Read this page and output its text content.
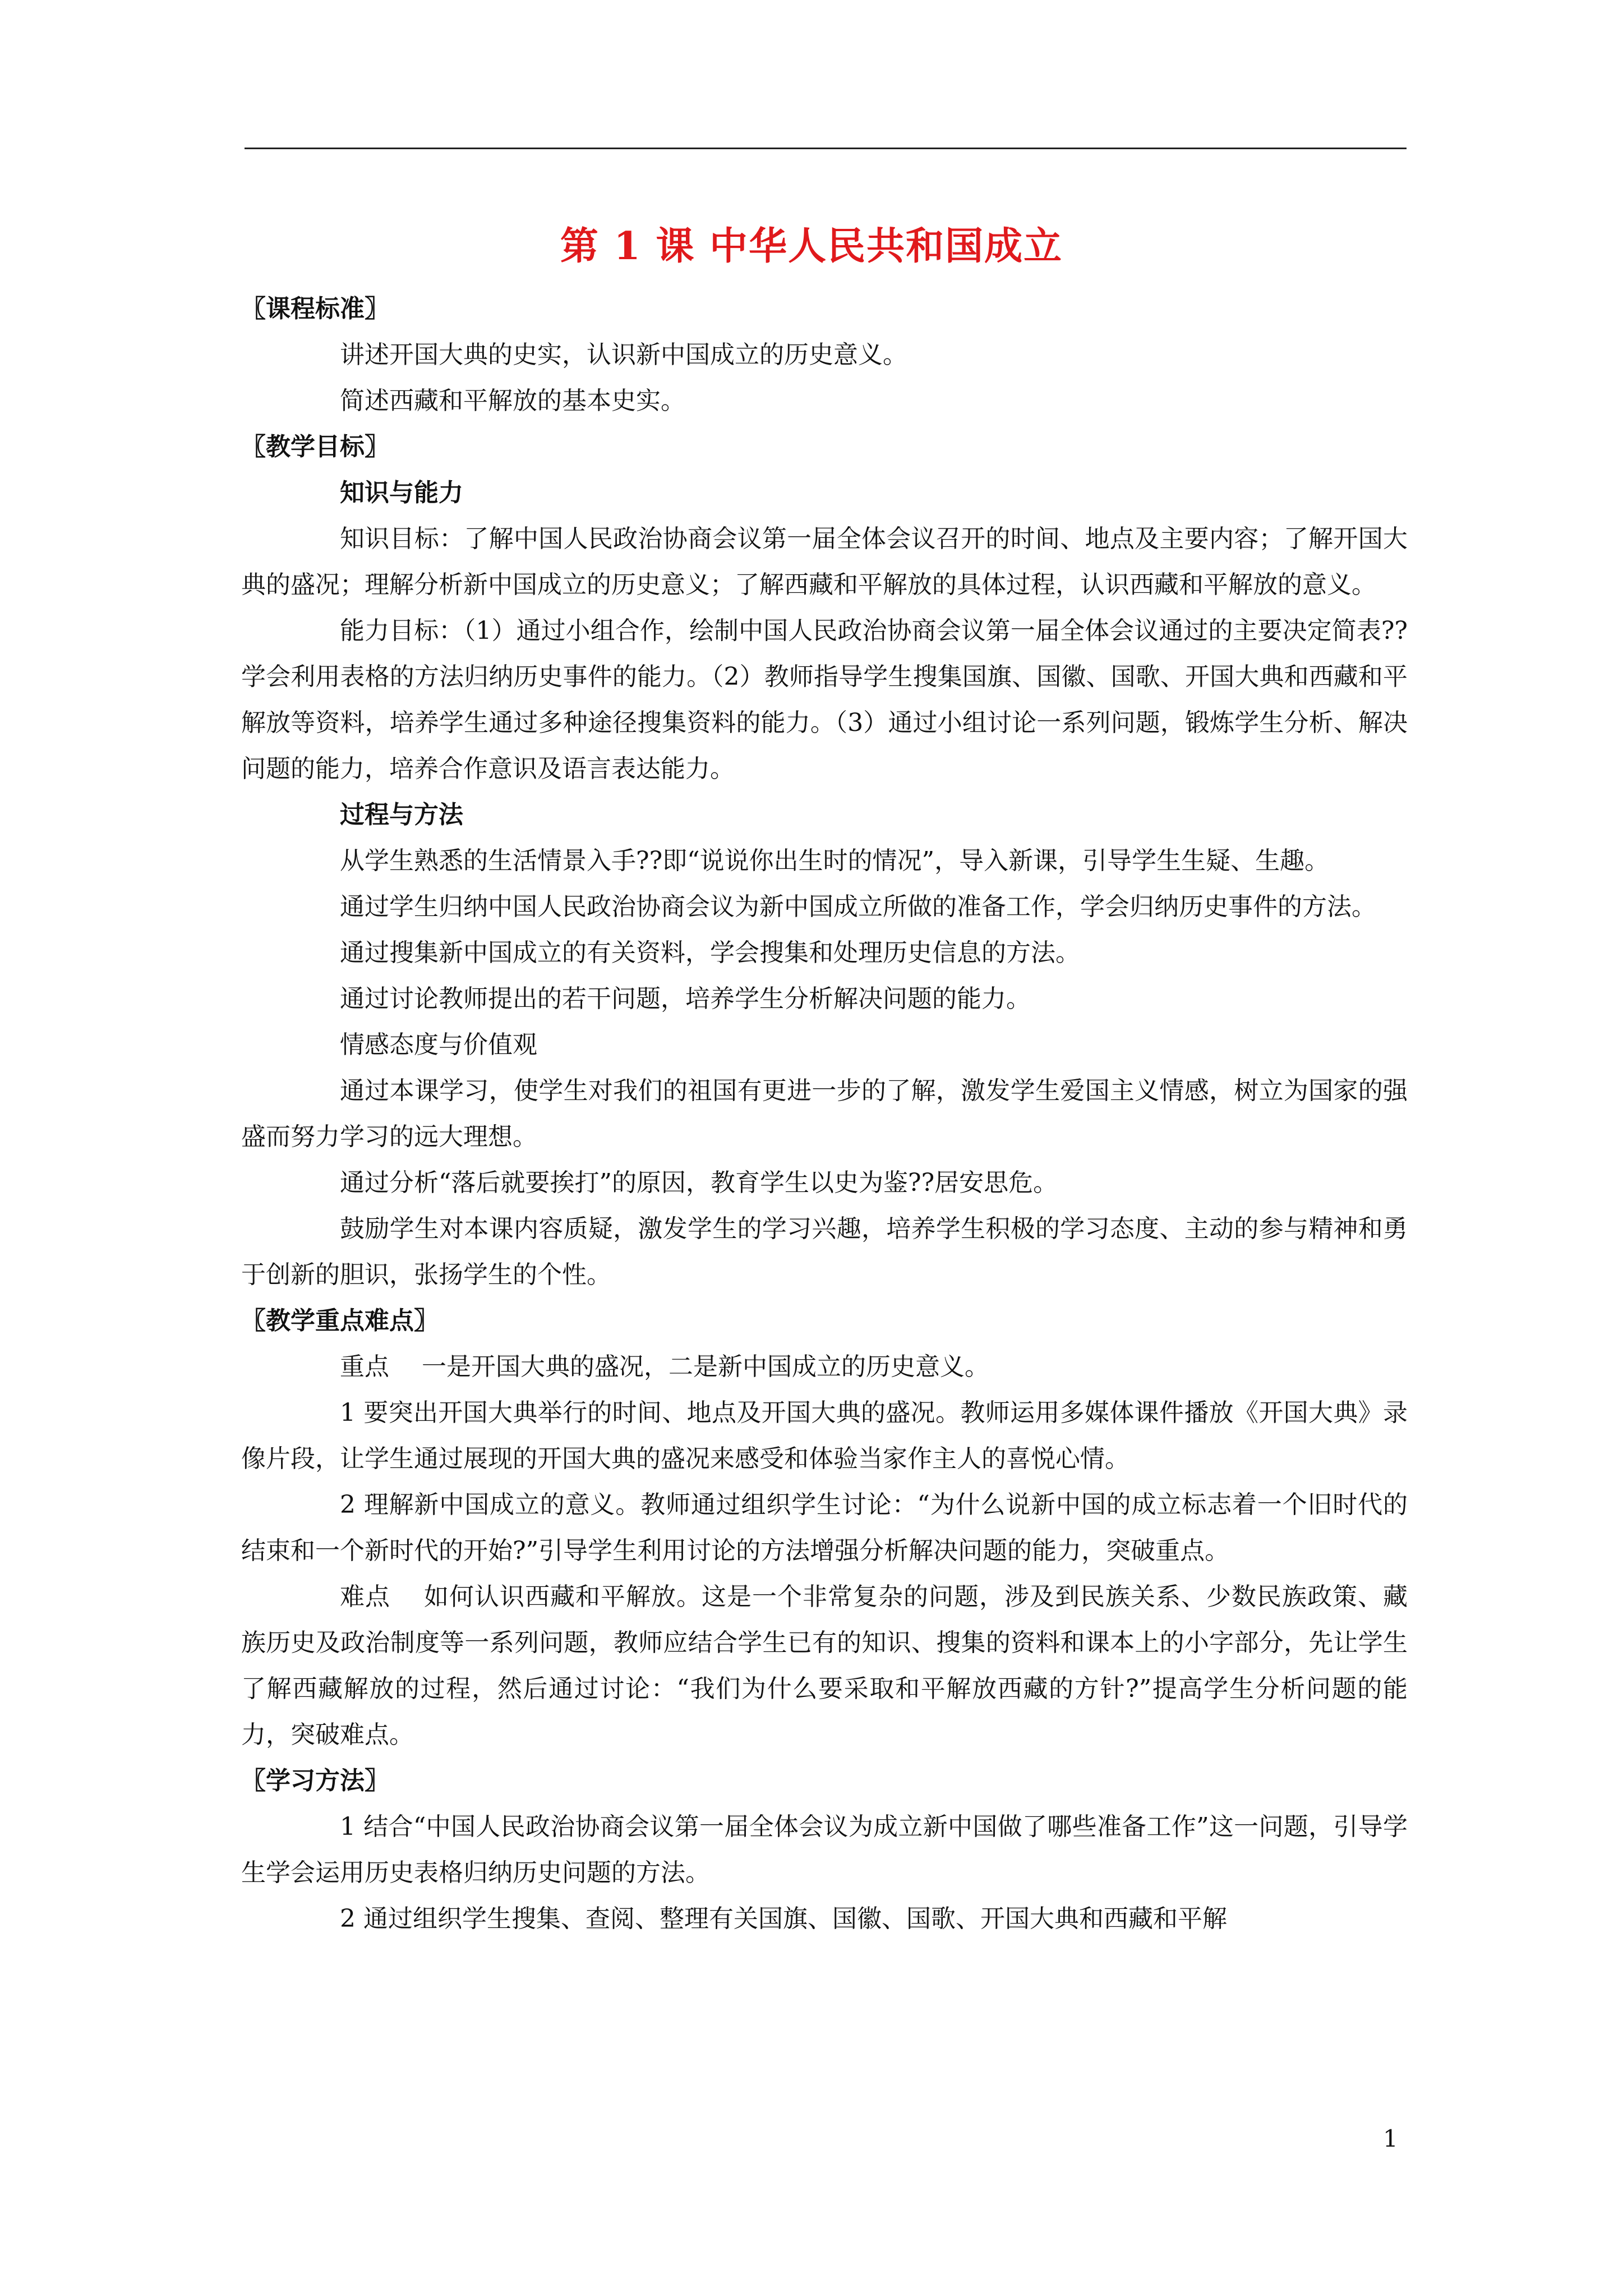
第 1 课 中华人民共和国成立

〖课程标准〗

讲述开国大典的史实，认识新中国成立的历史意义。

简述西藏和平解放的基本史实。

〖教学目标〗

知识与能力

知识目标：了解中国人民政治协商会议第一届全体会议召开的时间、地点及主要内容；了解开国大典的盛况；理解分析新中国成立的历史意义；了解西藏和平解放的具体过程，认识西藏和平解放的意义。

能力目标：（1）通过小组合作，绘制中国人民政治协商会议第一届全体会议通过的主要决定简表??学会利用表格的方法归纳历史事件的能力。（2）教师指导学生搜集国旗、国徽、国歌、开国大典和西藏和平解放等资料，培养学生通过多种途径搜集资料的能力。（3）通过小组讨论一系列问题，锻炼学生分析、解决问题的能力，培养合作意识及语言表达能力。

过程与方法

从学生熟悉的生活情景入手??即“说说你出生时的情况”，导入新课，引导学生生疑、生趣。

通过学生归纳中国人民政治协商会议为新中国成立所做的准备工作，学会归纳历史事件的方法。

通过搜集新中国成立的有关资料，学会搜集和处理历史信息的方法。

通过讨论教师提出的若干问题，培养学生分析解决问题的能力。

情感态度与价值观

通过本课学习，使学生对我们的祖国有更进一步的了解，激发学生爱国主义情感，树立为国家的强盛而努力学习的远大理想。

通过分析“落后就要挨打”的原因，教育学生以史为鉴??居安思危。

鼓励学生对本课内容质疑，激发学生的学习兴趣，培养学生积极的学习态度、主动的参与精神和勇于创新的胆识，张扬学生的个性。

〖教学重点难点〗

重点　 一是开国大典的盛况，二是新中国成立的历史意义。

1 要突出开国大典举行的时间、地点及开国大典的盛况。教师运用多媒体课件播放《开国大典》录像片段，让学生通过展现的开国大典的盛况来感受和体验当家作主人的喜悦心情。

2 理解新中国成立的意义。教师通过组织学生讨论：“为什么说新中国的成立标志着一个旧时代的结束和一个新时代的开始?”引导学生利用讨论的方法增强分析解决问题的能力，突破重点。

难点　 如何认识西藏和平解放。这是一个非常复杂的问题，涉及到民族关系、少数民族政策、藏族历史及政治制度等一系列问题，教师应结合学生已有的知识、搜集的资料和课本上的小字部分，先让学生了解西藏解放的过程，然后通过讨论：“我们为什么要采取和平解放西藏的方针?”提高学生分析问题的能力，突破难点。

〖学习方法〗

1 结合“中国人民政治协商会议第一届全体会议为成立新中国做了哪些准备工作”这一问题，引导学生学会运用历史表格归纳历史问题的方法。

2 通过组织学生搜集、查阅、整理有关国旗、国徽、国歌、开国大典和西藏和平解

1
